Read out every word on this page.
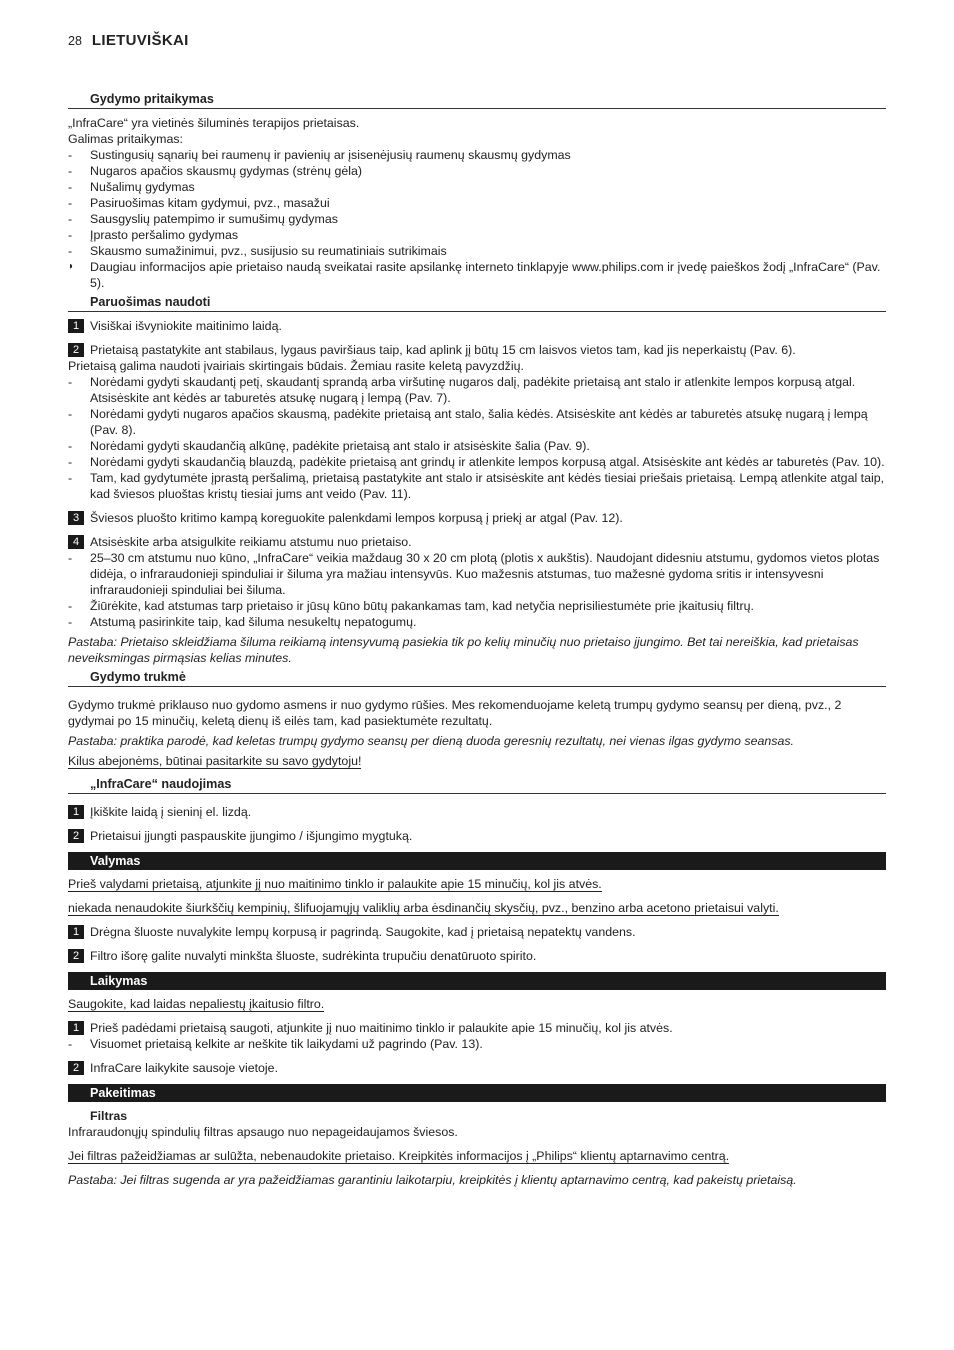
28 LIETUVIŠKAI
Gydymo pritaikymas

„InfraCare“ yra vietinės šiluminės terapijos prietaisas.

Galimas pritaikymas:

- Sustingusių sąnarių bei raumenų ir pavienių ar įsisenėjusių raumenų skausmų gydymas
- Nugaros apačios skausmų gydymas (strėnų gėla)
- Nušalimų gydymas
- Pasiruošimas kitam gydymui, pvz., masažui
- Sausgyslių patempimo ir sumušimų gydymas
- Įprasto peršalimo gydymas
- Skausmo sumažinimui, pvz., susijusio su reumatiniais sutrikimais
◗ Daugiau informacijos apie prietaiso naudą sveikatai rasite apsilankę interneto tinklapyje www.philips.com ir įvedę paieškos žodį „InfraCare“ (Pav. 5).
Paruošimas naudoti
1 Visiškai išvyniokite maitinimo laidą.
2 Prietaisą pastatykite ant stabilaus, lygaus paviršiaus taip, kad aplink jį būtų 15 cm laisvos vietos tam, kad jis neperkaistų (Pav. 6).

Prietaisą galima naudoti įvairiais skirtingais būdais. Žemiau rasite keletą pavyzdžių.

- Norėdami gydyti skaudantį petį, skaudantį sprandą arba viršutinę nugaros dalį, padėkite prietaisą ant stalo ir atlenkite lempos korpusą atgal. Atsisėskite ant kėdės ar taburetės atsukę nugarą į lempą (Pav. 7).
- Norėdami gydyti nugaros apačios skausmą, padėkite prietaisą ant stalo, šalia kėdės. Atsisėskite ant kėdės ar taburetės atsukę nugarą į lempą (Pav. 8).
- Norėdami gydyti skaudančią alkūnę, padėkite prietaisą ant stalo ir atsisėskite šalia (Pav. 9).
- Norėdami gydyti skaudančią blauzdą, padėkite prietaisą ant grindų ir atlenkite lempos korpusą atgal. Atsisėskite ant kėdės ar taburetės (Pav. 10).
- Tam, kad gydytumėte įprastą peršalimą, prietaisą pastatykite ant stalo ir atsisėskite ant kėdės tiesiai priešais prietaisą. Lempą atlenkite atgal taip, kad šviesos pluoštas kristų tiesiai jums ant veido (Pav. 11).
3 Šviesos pluošto kritimo kampą koreguokite palenkdami lempos korpusą į priekį ar atgal (Pav. 12).
4 Atsisėskite arba atsigulkite reikiamu atstumu nuo prietaiso.
- 25–30 cm atstumu nuo kūno, „InfraCare“ veikia maždaug 30 x 20 cm plotą (plotis x aukštis). Naudojant didesniu atstumu, gydomos vietos plotas didėja, o infraraudonieji spinduliai ir šiluma yra mažiau intensyvūs. Kuo mažesnis atstumas, tuo mažesnė gydoma sritis ir intensyvesni infraraudonieji spinduliai bei šiluma.
- Žiūrėkite, kad atstumas tarp prietaiso ir jūsų kūno būtų pakankamas tam, kad netyčia neprisiliestumėte prie įkaitusių filtrų.
- Atstumą pasirinkite taip, kad šiluma nesukeltų nepatogumų.

Pastaba: Prietaiso skleidžiama šiluma reikiamą intensyvumą pasiekia tik po kelių minučių nuo prietaiso įjungimo. Bet tai nereiškia, kad prietaisas neveiksmingas pirmąsias kelias minutes.

Gydymo trukmė

Gydymo trukmė priklauso nuo gydomo asmens ir nuo gydymo rūšies. Mes rekomenduojame keletą trumpų gydymo seansų per dieną, pvz., 2 gydymai po 15 minučių, keletą dienų iš eilės tam, kad pasiektumėte rezultatų.

Pastaba: praktika parodė, kad keletas trumpų gydymo seansų per dieną duoda geresnių rezultatų, nei vienas ilgas gydymo seansas.

Kilus abejonėms, būtinai pasitarkite su savo gydytoju!

„InfraCare“ naudojimas
1 Įkiškite laidą į sieninį el. lizdą.
2 Prietaisui įjungti paspauskite įjungimo / išjungimo mygtuką.
Valymas

Prieš valydami prietaisą, atjunkite jį nuo maitinimo tinklo ir palaukite apie 15 minučių, kol jis atvės.

niekada nenaudokite šiurkščių kempinių, šlifuojamųjų valiklių arba ėsdinančių skysčių, pvz., benzino arba acetono prietaisui valyti.

1 Drėgna šluoste nuvalykite lempų korpusą ir pagrindą. Saugokite, kad į prietaisą nepatektų vandens.
2 Filtro išorę galite nuvalyti minkšta šluoste, sudrėkinta trupučiu denatūruoto spirito.
Laikymas

Saugokite, kad laidas nepaliestų įkaitusio filtro.

1 Prieš padėdami prietaisą saugoti, atjunkite jį nuo maitinimo tinklo ir palaukite apie 15 minučių, kol jis atvės.
- Visuomet prietaisą kelkite ar neškite tik laikydami už pagrindo (Pav. 13).
2 InfraCare laikykite sausoje vietoje.
Pakeitimas
Filtras

Infraraudonųjų spindulių filtras apsaugo nuo nepageidaujamos šviesos.

Jei filtras pažeidžiamas ar sulūžta, nebenaudokite prietaiso. Kreipkitės informacijos į „Philips“ klientų aptarnavimo centrą.

Pastaba: Jei filtras sugenda ar yra pažeidžiamas garantiniu laikotarpiu, kreipkitės į klientų aptarnavimo centrą, kad pakeistų prietaisą.
